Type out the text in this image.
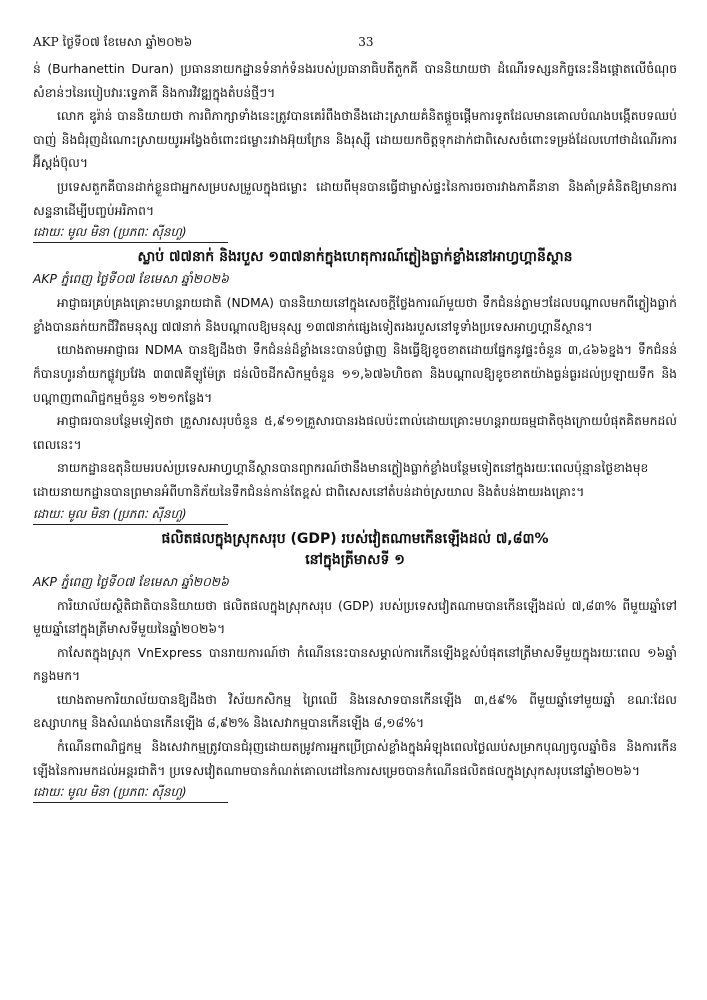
AKP ថ្ងៃទី០៧ ខែមេសា ឆ្នាំ២០២៦	33

ន់ (Burhanettin Duran) ប្រធាននាយកដ្ឋានទំនាក់ទំនងរបស់ប្រធានាធិបតីតួកគី បាននិយាយថា ដំណើរទស្សនកិច្ចនេះនឹងផ្តោតលើចំណុចសំខាន់ៗនៃរបៀបវារៈទ្វេភាគី និងការវិវឌ្ឍក្នុងតំបន់ថ្មីៗ។

លោក ឌូរ៉ាន់ បាននិយាយថា ការពិភាក្សាទាំងនេះត្រូវបានគេរំពឹងថានឹងដោះស្រាយគំនិតផ្តួចផ្តើមការទូតដែលមានគោលបំណងបង្កើតបទឈប់បាញ់ និងជំរុញដំណោះស្រាយយូរអង្វែងចំពោះជម្លោះរវាងអ៊ុយក្រែន និងរុស្ស៊ី ដោយយកចិត្តទុកដាក់ជាពិសេសចំពោះទម្រង់ដែលហៅថាដំណើរការអ៊ីស្តង់ប៊ុល។

ប្រទេសតួកគីបានដាក់ខ្លួនជាអ្នកសម្របសម្រួលក្នុងជម្លោះ ដោយពីមុនបានធ្វើជាម្ចាស់ផ្ទះនៃការចរចារវាងភាគីនានា និងគាំទ្រគំនិតឱ្យមានការសន្ទនាដើម្បីបញ្ចប់អរិភាព។

ដោយៈ មូល មិនា (ប្រភពៈ ស៊ីនហួ)
ស្លាប់ ៧៧នាក់ និងរបួស ១៣៧នាក់ក្នុងហេតុការណ៍ភ្លៀងធ្លាក់ខ្លាំងនៅអាហ្វហ្គានីស្ថាន
AKP ភ្នំពេញ ថ្ងៃទី០៧ ខែមេសា ឆ្នាំ២០២៦

អាជ្ញាធរគ្រប់គ្រងគ្រោះមហន្តរាយជាតិ (NDMA) បាននិយាយនៅក្នុងសេចក្តីថ្លែងការណ៍មួយថា ទឹកជំនន់ភ្លាមៗដែលបណ្តាលមកពីភ្លៀងធ្លាក់ខ្លាំងបានឆក់យកជីវិតមនុស្ស ៧៧នាក់ និងបណ្តាលឱ្យមនុស្ស ១៣៧នាក់ផ្សេងទៀតរងរបួសនៅទូទាំងប្រទេសអាហ្វហ្គានីស្ថាន។

យោងតាមអាជ្ញាធរ NDMA បានឱ្យដឹងថា ទឹកជំនន់ដ៏ខ្លាំងនេះបានបំផ្លាញ និងធ្វើឱ្យខូចខាតដោយផ្នែកនូវផ្ទះចំនួន ៣,៤៦៦ខ្នង។ ទឹកជំនន់ក៏បានហូរនាំយកផ្លូវប្រវែង ៣៣៧គីឡូម៉ែត្រ ជន់លិចដីកសិកម្មចំនួន ១១,៦៧៦ហិចតា និងបណ្តាលឱ្យខូចខាតយ៉ាងធ្ងន់ធ្ងរដល់ប្រឡាយទឹក និងបណ្តាញពាណិជ្ជកម្មចំនួន ១២១កន្លែង។

អាជ្ញាធរបានបន្ថែមទៀតថា គ្រួសារសរុបចំនួន ៥,៩១១គ្រួសារបានរងផលប៉ះពាល់ដោយគ្រោះមហន្តរាយធម្មជាតិចុងក្រោយបំផុតគិតមកដល់ពេលនេះ។

នាយកដ្ឋានឧតុនិយមរបស់ប្រទេសអាហ្វហ្គានីស្ថានបានព្យាករណ៍ថានឹងមានភ្លៀងធ្លាក់ខ្លាំងបន្ថែមទៀតនៅក្នុងរយៈពេលប៉ុន្មានថ្ងៃខាងមុខ ដោយនាយកដ្ឋានបានព្រមានអំពីហានិភ័យនៃទឹកជំនន់កាន់តែខ្ពស់ ជាពិសេសនៅតំបន់ដាច់ស្រយាល និងតំបន់ងាយរងគ្រោះ។

ដោយៈ មូល មិនា (ប្រភពៈ ស៊ីនហួ)
ផលិតផលក្នុងស្រុកសរុប (GDP) របស់វៀតណាមកើនឡើងដល់ ៧,៨៣%
នៅក្នុងត្រីមាសទី ១
AKP ភ្នំពេញ ថ្ងៃទី០៧ ខែមេសា ឆ្នាំ២០២៦

ការិយាល័យស្ថិតិជាតិបាននិយាយថា ផលិតផលក្នុងស្រុកសរុប (GDP) របស់ប្រទេសវៀតណាមបានកើនឡើងដល់ ៧,៨៣% ពីមួយឆ្នាំទៅមួយឆ្នាំនៅក្នុងត្រីមាសទីមួយនៃឆ្នាំ២០២៦។

កាសែតក្នុងស្រុក VnExpress បានរាយការណ៍ថា កំណើននេះបានសម្គាល់ការកើនឡើងខ្ពស់បំផុតនៅត្រីមាសទីមួយក្នុងរយៈពេល ១៦ឆ្នាំកន្លងមក។

យោងតាមការិយាល័យបានឱ្យដឹងថា វិស័យកសិកម្ម ព្រៃឈើ និងនេសាទបានកើនឡើង ៣,៥៩% ពីមួយឆ្នាំទៅមួយឆ្នាំ ខណៈដែលឧស្សាហកម្ម និងសំណង់បានកើនឡើង ៨,៩២% និងសេវាកម្មបានកើនឡើង ៨,១៨%។

កំណើនពាណិជ្ជកម្ម និងសេវាកម្មត្រូវបានជំរុញដោយតម្រូវការអ្នកប្រើប្រាស់ខ្លាំងក្នុងអំឡុងពេលថ្ងៃឈប់សម្រាកបុណ្យចូលឆ្នាំចិន និងការកើនឡើងនៃការមកដល់អន្តរជាតិ។ ប្រទេសវៀតណាមបានកំណត់គោលដៅនៃការសម្រេចបានកំណើនផលិតផលក្នុងស្រុកសរុបនៅឆ្នាំ២០២៦។

ដោយៈ មូល មិនា (ប្រភពៈ ស៊ីនហួ)
